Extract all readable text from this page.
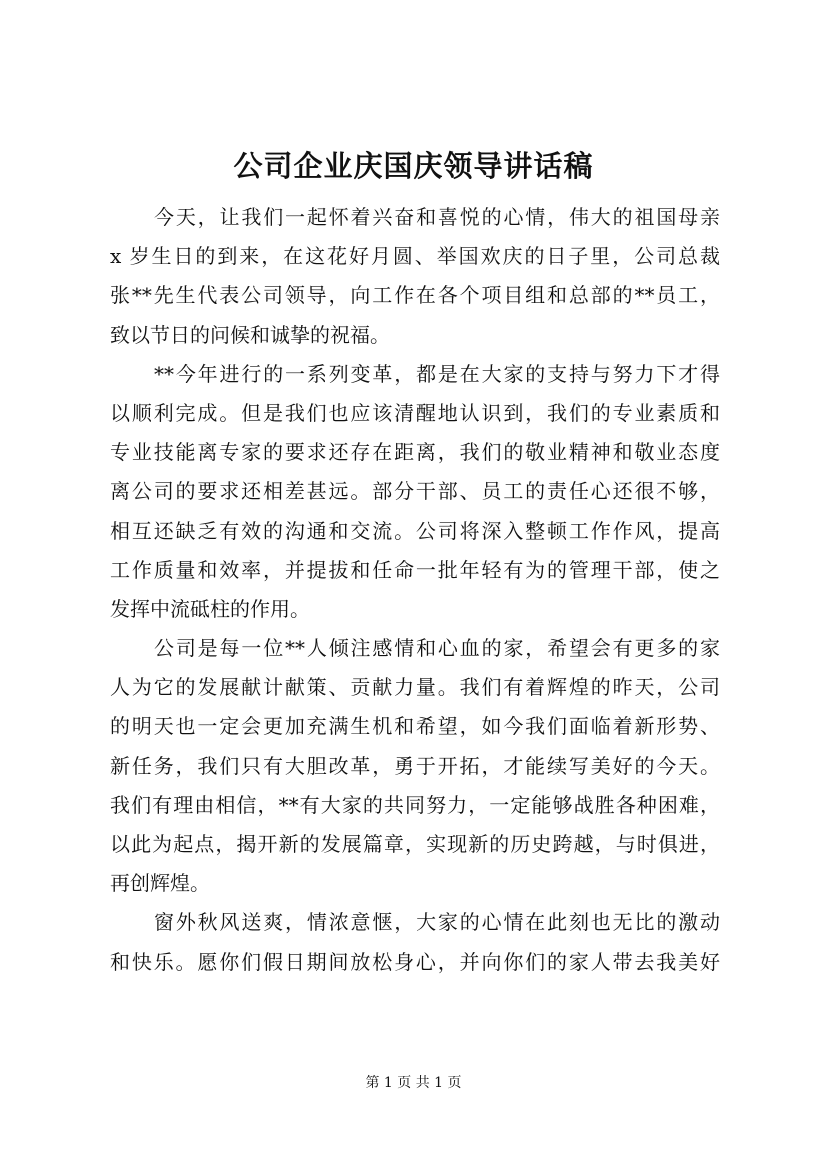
公司企业庆国庆领导讲话稿
今天，让我们一起怀着兴奋和喜悦的心情，伟大的祖国母亲
x 岁生日的到来，在这花好月圆、举国欢庆的日子里，公司总裁
张**先生代表公司领导，向工作在各个项目组和总部的**员工，
致以节日的问候和诚挚的祝福。
**今年进行的一系列变革，都是在大家的支持与努力下才得
以顺利完成。但是我们也应该清醒地认识到，我们的专业素质和
专业技能离专家的要求还存在距离，我们的敬业精神和敬业态度
离公司的要求还相差甚远。部分干部、员工的责任心还很不够，
相互还缺乏有效的沟通和交流。公司将深入整顿工作作风，提高
工作质量和效率，并提拔和任命一批年轻有为的管理干部，使之
发挥中流砥柱的作用。
公司是每一位**人倾注感情和心血的家，希望会有更多的家
人为它的发展献计献策、贡献力量。我们有着辉煌的昨天，公司
的明天也一定会更加充满生机和希望，如今我们面临着新形势、
新任务，我们只有大胆改革，勇于开拓，才能续写美好的今天。
我们有理由相信，**有大家的共同努力，一定能够战胜各种困难，
以此为起点，揭开新的发展篇章，实现新的历史跨越，与时俱进，
再创辉煌。
窗外秋风送爽，情浓意惬，大家的心情在此刻也无比的激动
和快乐。愿你们假日期间放松身心，并向你们的家人带去我美好
第 1 页 共 1 页
